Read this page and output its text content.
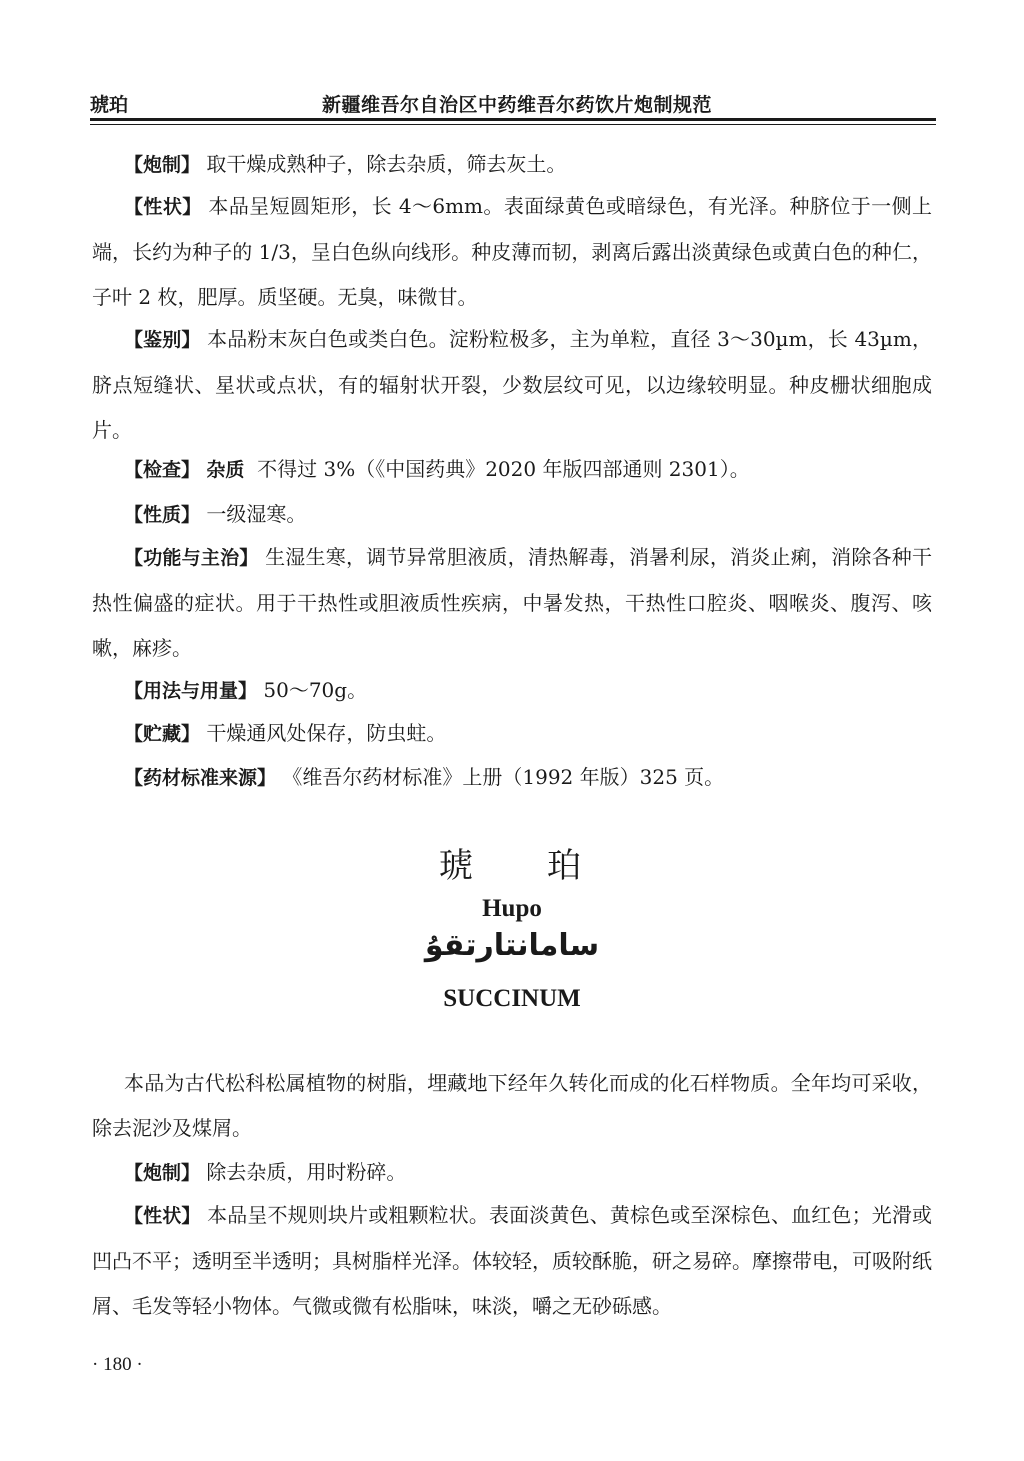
琥珀	新疆维吾尔自治区中药维吾尔药饮片炮制规范
【炮制】 取干燥成熟种子，除去杂质，筛去灰土。
【性状】 本品呈短圆矩形，长 4～6mm。表面绿黄色或暗绿色，有光泽。种脐位于一侧上端，长约为种子的 1/3，呈白色纵向线形。种皮薄而韧，剥离后露出淡黄绿色或黄白色的种仁，子叶 2 枚，肥厚。质坚硬。无臭，味微甘。
【鉴别】 本品粉末灰白色或类白色。淀粉粒极多，主为单粒，直径 3～30µm，长 43µm，脐点短缝状、星状或点状，有的辐射状开裂，少数层纹可见，以边缘较明显。种皮栅状细胞成片。
【检查】 杂质 不得过 3%（《中国药典》2020 年版四部通则 2301）。
【性质】 一级湿寒。
【功能与主治】 生湿生寒，调节异常胆液质，清热解毒，消暑利尿，消炎止痢，消除各种干热性偏盛的症状。用于干热性或胆液质性疾病，中暑发热，干热性口腔炎、咽喉炎、腹泻、咳嗽，麻疹。
【用法与用量】 50～70g。
【贮藏】 干燥通风处保存，防虫蛀。
【药材标准来源】 《维吾尔药材标准》上册（1992 年版）325 页。
琥 珀
Hupo
سامانتارتقۇ
SUCCINUM
本品为古代松科松属植物的树脂，埋藏地下经年久转化而成的化石样物质。全年均可采收，除去泥沙及煤屑。
【炮制】 除去杂质，用时粉碎。
【性状】 本品呈不规则块片或粗颗粒状。表面淡黄色、黄棕色或至深棕色、血红色；光滑或凹凸不平；透明至半透明；具树脂样光泽。体较轻，质较酥脆，研之易碎。摩擦带电，可吸附纸屑、毛发等轻小物体。气微或微有松脂味，味淡，嚼之无砂砾感。
· 180 ·
